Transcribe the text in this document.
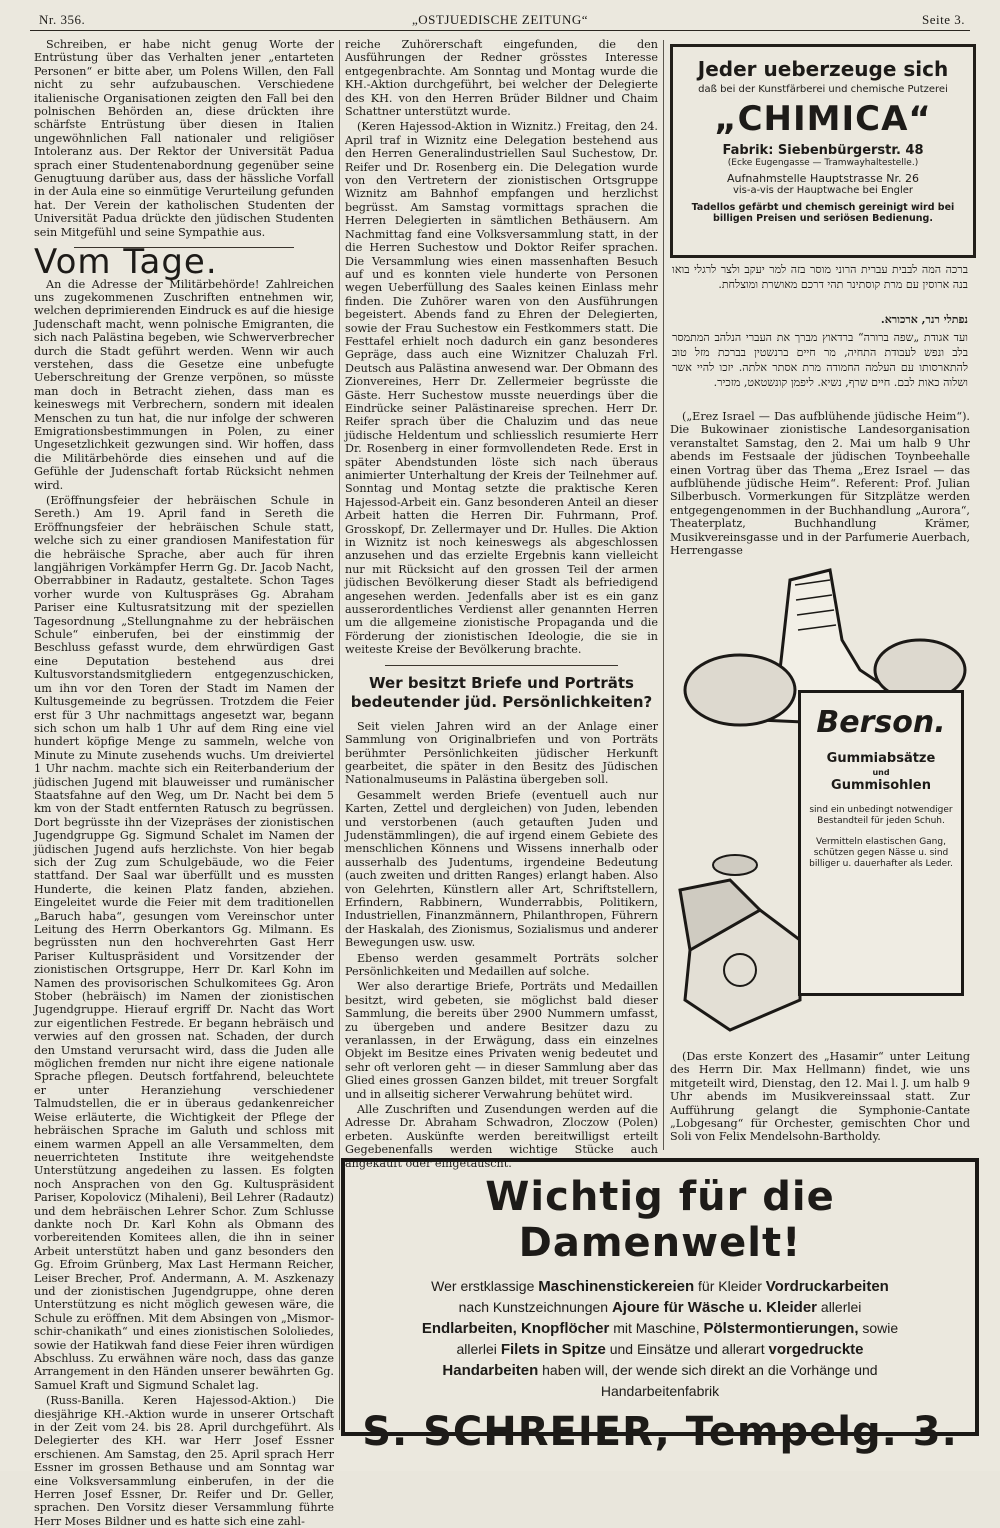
Nr. 356.	„OSTJUEDISCHE ZEITUNG“	Seite 3.

Schreiben, er habe nicht genug Worte der Entrüstung über das Verhalten jener „entarteten Personen“ er bitte aber, um Polens Willen, den Fall nicht zu sehr aufzubauschen. Verschiedene italienische Organisationen zeigten den Fall bei den polnischen Behörden an, diese drückten ihre schärfste Entrüstung über diesen in Italien ungewöhnlichen Fall nationaler und religiöser Intoleranz aus. Der Rektor der Universität Padua sprach einer Studentenabordnung gegenüber seine Genugtuung darüber aus, dass der hässliche Vorfall in der Aula eine so einmütige Verurteilung gefunden hat. Der Verein der katholischen Studenten der Universität Padua drückte den jüdischen Studenten sein Mitgefühl und seine Sympathie aus.

Vom Tage.

An die Adresse der Militärbehörde! Zahlreichen uns zugekommenen Zuschriften entnehmen wir, welchen deprimierenden Eindruck es auf die hiesige Judenschaft macht, wenn polnische Emigranten, die sich nach Palästina begeben, wie Schwerverbrecher durch die Stadt geführt werden. Wenn wir auch verstehen, dass die Gesetze eine unbefugte Ueberschreitung der Grenze verpönen, so müsste man doch in Betracht ziehen, dass man es keineswegs mit Verbrechern, sondern mit idealen Menschen zu tun hat, die nur infolge der schweren Emigrationsbestimmungen in Polen, zu einer Ungesetzlichkeit gezwungen sind. Wir hoffen, dass die Militärbehörde dies einsehen und auf die Gefühle der Judenschaft fortab Rücksicht nehmen wird.

(Eröffnungsfeier der hebräischen Schule in Sereth.) Am 19. April fand in Sereth die Eröffnungsfeier der hebräischen Schule statt, welche sich zu einer grandiosen Manifestation für die hebräische Sprache, aber auch für ihren langjährigen Vorkämpfer Herrn Gg. Dr. Jacob Nacht, Oberrabbiner in Radautz, gestaltete. Schon Tages vorher wurde von Kultuspräses Gg. Abraham Pariser eine Kultusratsitzung mit der speziellen Tagesordnung „Stellungnahme zu der hebräischen Schule“ einberufen, bei der einstimmig der Beschluss gefasst wurde, dem ehrwürdigen Gast eine Deputation bestehend aus drei Kultusvorstandsmitgliedern entgegenzuschicken, um ihn vor den Toren der Stadt im Namen der Kultusgemeinde zu begrüssen. Trotzdem die Feier erst für 3 Uhr nachmittags angesetzt war, begann sich schon um halb 1 Uhr auf dem Ring eine viel hundert köpfige Menge zu sammeln, welche von Minute zu Minute zusehends wuchs. Um dreiviertel 1 Uhr nachm. machte sich ein Reiterbanderium der jüdischen Jugend mit blauweisser und rumänischer Staatsfahne auf den Weg, um Dr. Nacht bei dem 5 km von der Stadt entfernten Ratusch zu begrüssen. Dort begrüsste ihn der Vizepräses der zionistischen Jugendgruppe Gg. Sigmund Schalet im Namen der jüdischen Jugend aufs herzlichste. Von hier begab sich der Zug zum Schulgebäude, wo die Feier stattfand. Der Saal war überfüllt und es mussten Hunderte, die keinen Platz fanden, abziehen. Eingeleitet wurde die Feier mit dem traditionellen „Baruch haba“, gesungen vom Vereinschor unter Leitung des Herrn Oberkantors Gg. Milmann. Es begrüssten nun den hochverehrten Gast Herr Pariser Kultuspräsident und Vorsitzender der zionistischen Ortsgruppe, Herr Dr. Karl Kohn im Namen des provisorischen Schulkomitees Gg. Aron Stober (hebräisch) im Namen der zionistischen Jugendgruppe. Hierauf ergriff Dr. Nacht das Wort zur eigentlichen Festrede. Er begann hebräisch und verwies auf den grossen nat. Schaden, der durch den Umstand verursacht wird, dass die Juden alle möglichen fremden nur nicht ihre eigene nationale Sprache pflegen. Deutsch fortfahrend, beleuchtete er unter Heranziehung verschiedener Talmudstellen, die er in überaus gedankenreicher Weise erläuterte, die Wichtigkeit der Pflege der hebräischen Sprache im Galuth und schloss mit einem warmen Appell an alle Versammelten, dem neuerrichteten Institute ihre weitgehendste Unterstützung angedeihen zu lassen. Es folgten noch Ansprachen von den Gg. Kultuspräsident Pariser, Kopolovicz (Mihaleni), Beil Lehrer (Radautz) und dem hebräischen Lehrer Schor. Zum Schlusse dankte noch Dr. Karl Kohn als Obmann des vorbereitenden Komitees allen, die ihn in seiner Arbeit unterstützt haben und ganz besonders den Gg. Efroim Grünberg, Max Last Hermann Reicher, Leiser Brecher, Prof. Andermann, A. M. Aszkenazy und der zionistischen Jugendgruppe, ohne deren Unterstützung es nicht möglich gewesen wäre, die Schule zu eröffnen. Mit dem Absingen von „Mismor-schir-chanikath“ und eines zionistischen Sololiedes, sowie der Hatikwah fand diese Feier ihren würdigen Abschluss. Zu erwähnen wäre noch, dass das ganze Arrangement in den Händen unserer bewährten Gg. Samuel Kraft und Sigmund Schalet lag.

(Russ-Banilla. Keren Hajessod-Aktion.) Die diesjährige KH.-Aktion wurde in unserer Ortschaft in der Zeit vom 24. bis 28. April durchgeführt. Als Delegierter des KH. war Herr Josef Essner erschienen. Am Samstag, den 25. April sprach Herr Essner im grossen Bethause und am Sonntag war eine Volksversammlung einberufen, in der die Herren Josef Essner, Dr. Reifer und Dr. Geller, sprachen. Den Vorsitz dieser Versammlung führte Herr Moses Bildner und es hatte sich eine zahl-

reiche Zuhörerschaft eingefunden, die den Ausführungen der Redner grösstes Interesse entgegenbrachte. Am Sonntag und Montag wurde die KH.-Aktion durchgeführt, bei welcher der Delegierte des KH. von den Herren Brüder Bildner und Chaim Schattner unterstützt wurde.

(Keren Hajessod-Aktion in Wiznitz.) Freitag, den 24. April traf in Wiznitz eine Delegation bestehend aus den Herren Generalindustriellen Saul Suchestow, Dr. Reifer und Dr. Rosenberg ein. Die Delegation wurde von den Vertretern der zionistischen Ortsgruppe Wiznitz am Bahnhof empfangen und herzlichst begrüsst. Am Samstag vormittags sprachen die Herren Delegierten in sämtlichen Bethäusern. Am Nachmittag fand eine Volksversammlung statt, in der die Herren Suchestow und Doktor Reifer sprachen. Die Versammlung wies einen massenhaften Besuch auf und es konnten viele hunderte von Personen wegen Ueberfüllung des Saales keinen Einlass mehr finden. Die Zuhörer waren von den Ausführungen begeistert. Abends fand zu Ehren der Delegierten, sowie der Frau Suchestow ein Festkommers statt. Die Festtafel erhielt noch dadurch ein ganz besonderes Gepräge, dass auch eine Wiznitzer Chaluzah Frl. Deutsch aus Palästina anwesend war. Der Obmann des Zionvereines, Herr Dr. Zellermeier begrüsste die Gäste. Herr Suchestow musste neuerdings über die Eindrücke seiner Palästinareise sprechen. Herr Dr. Reifer sprach über die Chaluzim und das neue jüdische Heldentum und schliesslich resumierte Herr Dr. Rosenberg in einer formvollendeten Rede. Erst in später Abendstunden löste sich nach überaus animierter Unterhaltung der Kreis der Teilnehmer auf. Sonntag und Montag setzte die praktische Keren Hajessod-Arbeit ein. Ganz besonderen Anteil an dieser Arbeit hatten die Herren Dir. Fuhrmann, Prof. Grosskopf, Dr. Zellermayer und Dr. Hulles. Die Aktion in Wiznitz ist noch keineswegs als abgeschlossen anzusehen und das erzielte Ergebnis kann vielleicht nur mit Rücksicht auf den grossen Teil der armen jüdischen Bevölkerung dieser Stadt als befriedigend angesehen werden. Jedenfalls aber ist es ein ganz ausserordentliches Verdienst aller genannten Herren um die allgemeine zionistische Propaganda und die Förderung der zionistischen Ideologie, die sie in weiteste Kreise der Bevölkerung brachte.

Wer besitzt Briefe und Porträts bedeutender jüd. Persönlichkeiten?

Seit vielen Jahren wird an der Anlage einer Sammlung von Originalbriefen und von Porträts berühmter Persönlichkeiten jüdischer Herkunft gearbeitet, die später in den Besitz des Jüdischen Nationalmuseums in Palästina übergeben soll.

Gesammelt werden Briefe (eventuell auch nur Karten, Zettel und dergleichen) von Juden, lebenden und verstorbenen (auch getauften Juden und Judenstämmlingen), die auf irgend einem Gebiete des menschlichen Könnens und Wissens innerhalb oder ausserhalb des Judentums, irgendeine Bedeutung (auch zweiten und dritten Ranges) erlangt haben. Also von Gelehrten, Künstlern aller Art, Schriftstellern, Erfindern, Rabbinern, Wunderrabbis, Politikern, Industriellen, Finanzmännern, Philanthropen, Führern der Haskalah, des Zionismus, Sozialismus und anderer Bewegungen usw. usw.

Ebenso werden gesammelt Porträts solcher Persönlichkeiten und Medaillen auf solche.

Wer also derartige Briefe, Porträts und Medaillen besitzt, wird gebeten, sie möglichst bald dieser Sammlung, die bereits über 2900 Nummern umfasst, zu übergeben und andere Besitzer dazu zu veranlassen, in der Erwägung, dass ein einzelnes Objekt im Besitze eines Privaten wenig bedeutet und sehr oft verloren geht — in dieser Sammlung aber das Glied eines grossen Ganzen bildet, mit treuer Sorgfalt und in allseitig sicherer Verwahrung behütet wird.

Alle Zuschriften und Zusendungen werden auf die Adresse Dr. Abraham Schwadron, Zloczow (Polen) erbeten. Auskünfte werden bereitwilligst erteilt Gegebenenfalls werden wichtige Stücke auch angekauft oder eingetauscht.

Jeder ueberzeuge sich
daß bei der Kunstfärberei und chemische Putzerei
„CHIMICA“
Fabrik: Siebenbürgerstr. 48
(Ecke Eugengasse — Tramwayhaltestelle.)
Aufnahmstelle Hauptstrasse Nr. 26
vis-a-vis der Hauptwache bei Engler
Tadellos gefärbt und chemisch gereinigt wird bei billigen Preisen und seriösen Bedienung.
ברכה המה לבבית עברית הרוני מוסר בזה למר יעקב ולצר לרגלי בואו בנה ארוסין עם מרת קוסתינר תהי דרכם מאושרת ומוצלחת.
נפתלי רנר, ארכורא.
ועד אגודת „שפה ברורה“ ברדאוץ מברך את העברי הנלהב המתמסר בלב ונפש לעבודת התחיה, מר חיים ברנשטין בברכת מזל טוב להתארסותו עם העלמה החמודה מרת אסתר אלתה. יזכו להיי אשר ושלוה כאות לבם. חיים שרף, נשיא. ליפמן קונשטאט, מזכיר.

(„Erez Israel — Das aufblühende jüdische Heim“). Die Bukowinaer zionistische Landesorganisation veranstaltet Samstag, den 2. Mai um halb 9 Uhr abends im Festsaale der jüdischen Toynbeehalle einen Vortrag über das Thema „Erez Israel — das aufblühende jüdische Heim“. Referent: Prof. Julian Silberbusch. Vormerkungen für Sitzplätze werden entgegengenommen in der Buchhandlung „Aurora“, Theaterplatz, Buchhandlung Krämer, Musikvereinsgasse und in der Parfumerie Auerbach, Herrengasse

Berson.
Gummiabsätze
und
Gummisohlen
sind ein unbedingt notwendiger Bestandteil für jeden Schuh.
Vermitteln elastischen Gang, schützen gegen Nässe u. sind billiger u. dauerhafter als Leder.

(Das erste Konzert des „Hasamir“ unter Leitung des Herrn Dir. Max Hellmann) findet, wie uns mitgeteilt wird, Dienstag, den 12. Mai l. J. um halb 9 Uhr abends im Musikvereinssaal statt. Zur Aufführung gelangt die Symphonie-Cantate „Lobgesang“ für Orchester, gemischten Chor und Soli von Felix Mendelsohn-Bartholdy.

Wichtig für die Damenwelt!
Wer erstklassige Maschinenstickereien für Kleider Vordruckarbeiten nach Kunstzeichnungen Ajoure für Wäsche u. Kleider allerlei Endlarbeiten, Knopflöcher mit Maschine, Pölstermontierungen, sowie allerlei Filets in Spitze und Einsätze und allerart vorgedruckte Handarbeiten haben will, der wende sich direkt an die Vorhänge und Handarbeitenfabrik
S. SCHREIER, Tempelg. 3.
